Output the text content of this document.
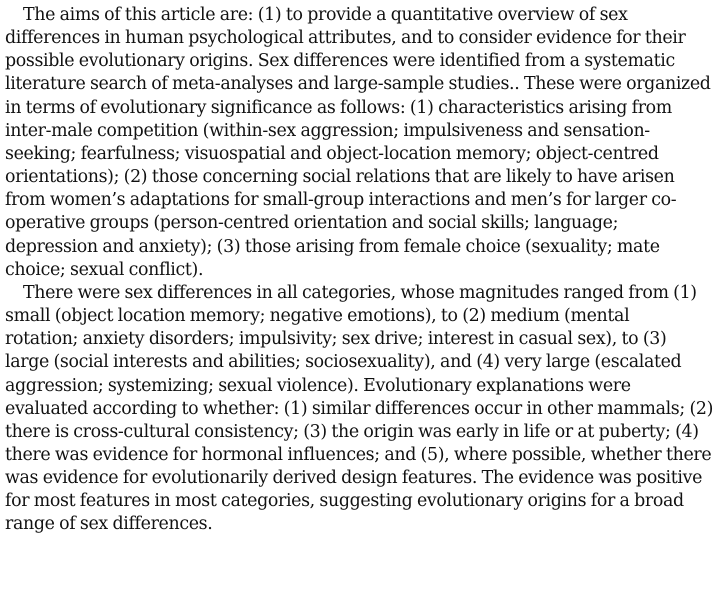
The aims of this article are: (1) to provide a quantitative overview of sex
differences in human psychological attributes, and to consider evidence for their
possible evolutionary origins. Sex differences were identified from a systematic
literature search of meta-analyses and large-sample studies.. These were organized
in terms of evolutionary significance as follows: (1) characteristics arising from
inter-male competition (within-sex aggression; impulsiveness and sensation-
seeking; fearfulness; visuospatial and object-location memory; object-centred
orientations); (2) those concerning social relations that are likely to have arisen
from women’s adaptations for small-group interactions and men’s for larger co-
operative groups (person-centred orientation and social skills; language;
depression and anxiety); (3) those arising from female choice (sexuality; mate
choice; sexual conflict).
There were sex differences in all categories, whose magnitudes ranged from (1)
small (object location memory; negative emotions), to (2) medium (mental
rotation; anxiety disorders; impulsivity; sex drive; interest in casual sex), to (3)
large (social interests and abilities; sociosexuality), and (4) very large (escalated
aggression; systemizing; sexual violence). Evolutionary explanations were
evaluated according to whether: (1) similar differences occur in other mammals; (2)
there is cross-cultural consistency; (3) the origin was early in life or at puberty; (4)
there was evidence for hormonal influences; and (5), where possible, whether there
was evidence for evolutionarily derived design features. The evidence was positive
for most features in most categories, suggesting evolutionary origins for a broad
range of sex differences.
